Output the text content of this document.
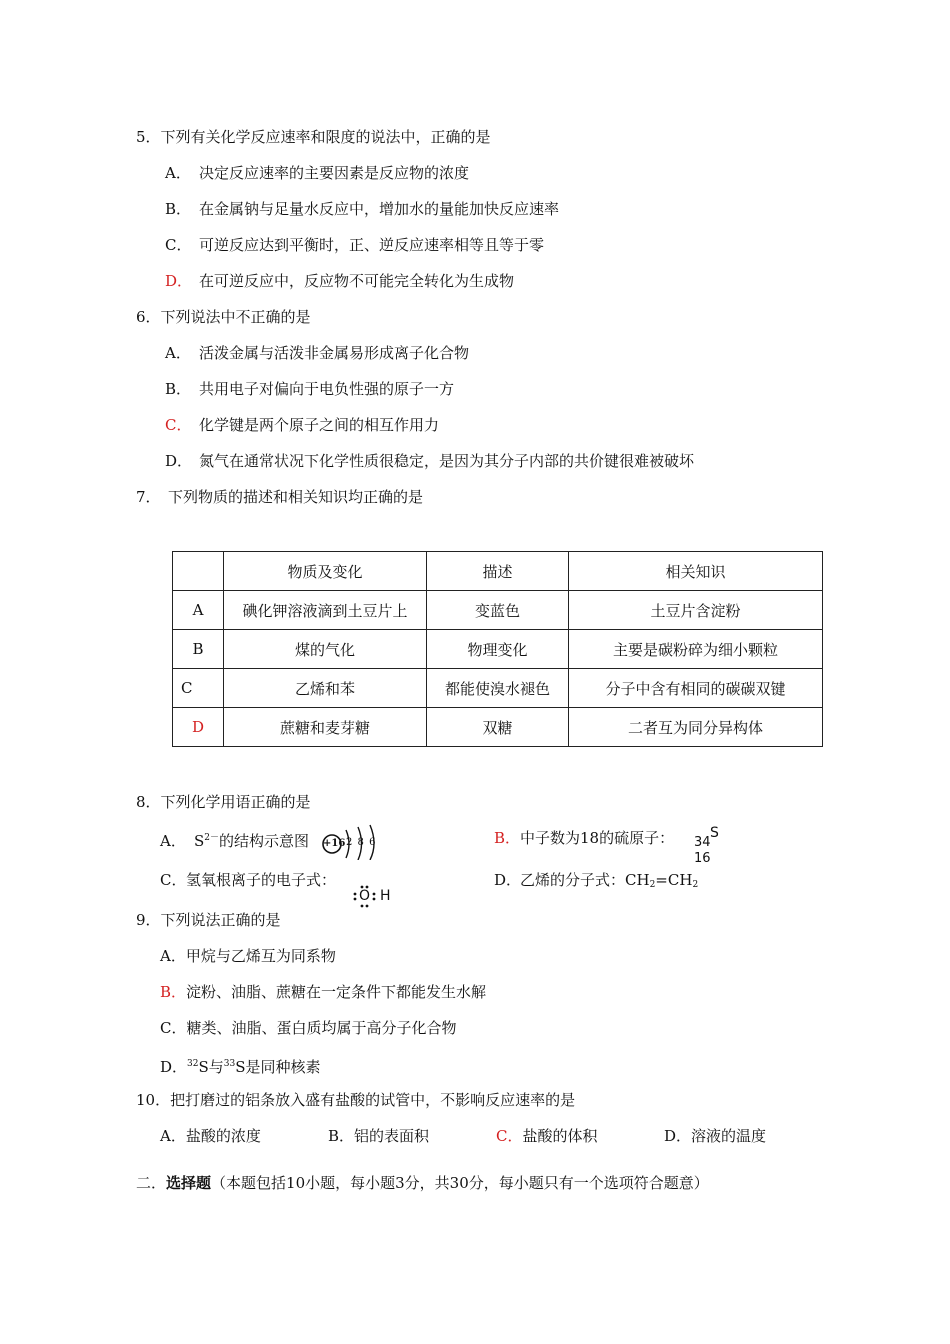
5．下列有关化学反应速率和限度的说法中，正确的是
A． 决定反应速率的主要因素是反应物的浓度
B． 在金属钠与足量水反应中，增加水的量能加快反应速率
C． 可逆反应达到平衡时，正、逆反应速率相等且等于零
D． 在可逆反应中，反应物不可能完全转化为生成物
6．下列说法中不正确的是
A． 活泼金属与活泼非金属易形成离子化合物
B． 共用电子对偏向于电负性强的原子一方
C． 化学键是两个原子之间的相互作用力
D． 氮气在通常状况下化学性质很稳定，是因为其分子内部的共价键很难被破坏
7．　下列物质的描述和相关知识均正确的是
	物质及变化	描述	相关知识
A	碘化钾溶液滴到土豆片上	变蓝色	土豆片含淀粉
B	煤的气化	物理变化	主要是碳粉碎为细小颗粒
C	乙烯和苯	都能使溴水褪色	分子中含有相同的碳碳双键
D	蔗糖和麦芽糖	双糖	二者互为同分异构体
8．下列化学用语正确的是
A． $S^{2-}$的结构示意图 +16 2 8 6	B．中子数为18的硫原子： 34
S
16
C．氢氧根离子的电子式：
O H
D．乙烯的分子式：$CH_2=CH_2$
9．下列说法正确的是
A．甲烷与乙烯互为同系物
B．淀粉、油脂、蔗糖在一定条件下都能发生水解
C．糖类、油脂、蛋白质均属于高分子化合物
D．$^{32}$S与$^{33}$S是同种核素
10．把打磨过的铝条放入盛有盐酸的试管中，不影响反应速率的是
A．盐酸的浓度	B．铝的表面积	C．盐酸的体积	D．溶液的温度
二．选择题（本题包括10小题，每小题3分，共30分，每小题只有一个选项符合题意）
